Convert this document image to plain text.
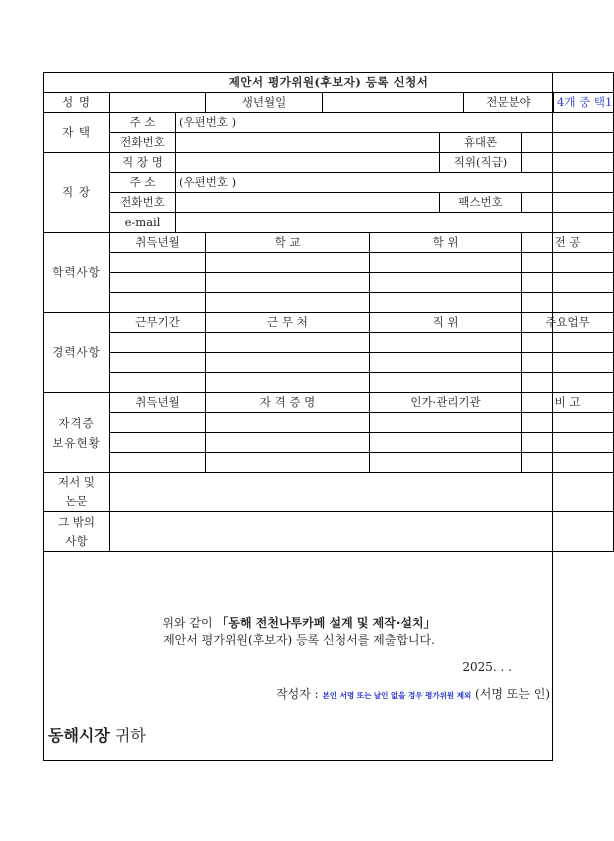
제안서 평가위원(후보자) 등록 신청서									
성 명			생년월일				전문분야		4개 중 택1
자 택	주 소	(우편번호 )							
	전화번호					휴대폰			
직 장	직 장 명					직위(직급)			
	주 소	(우편번호 )							
	전화번호					팩스번호			
	e-mail								
학력사항	취득년월		학 교		학 위			전 공	

경력사항	근무기간		근 무 처		직 위			주요업무	

자격증
보유현황	취득년월		자 격 증 명		인가·관리기관			비 고	

저서 및
논문									

그 밖의
사항									

위와 같이 「동해 전천나투카페 설계 및 제작·설치」
제안서 평가위원(후보자) 등록 신청서를 제출합니다.
2025. . .
작성자 : 본인 서명 또는 날인 없을 경우 평가위원 제외 (서명 또는 인)
동해시장 귀하
